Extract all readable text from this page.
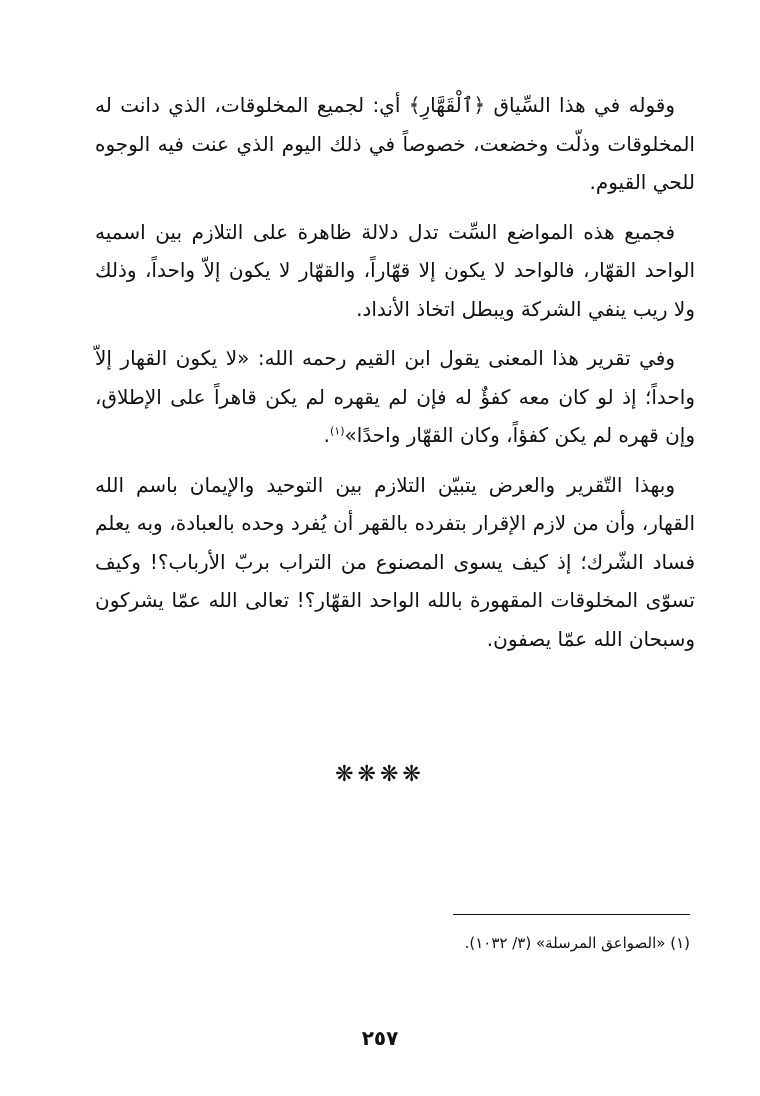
وقوله في هذا السِّياق ﴿ٱلْقَهَّارِ﴾ أي: لجميع المخلوقات، الذي دانت له المخلوقات وذلّت وخضعت، خصوصاً في ذلك اليوم الذي عنت فيه الوجوه للحي القيوم.

فجميع هذه المواضع السِّت تدل دلالة ظاهرة على التلازم بين اسميه الواحد القهّار، فالواحد لا يكون إلا قهّاراً، والقهّار لا يكون إلاّ واحداً، وذلك ولا ريب ينفي الشركة ويبطل اتخاذ الأنداد.

وفي تقرير هذا المعنى يقول ابن القيم رحمه الله: «لا يكون القهار إلاّ واحداً؛ إذ لو كان معه كفؤٌ له فإن لم يقهره لم يكن قاهراً على الإطلاق، وإن قهره لم يكن كفؤاً، وكان القهّار واحدًا»$^{(١)}$.

وبهذا التّقرير والعرض يتبيّن التلازم بين التوحيد والإيمان باسم الله القهار، وأن من لازم الإقرار بتفرده بالقهر أن يُفرد وحده بالعبادة، وبه يعلم فساد الشّرك؛ إذ كيف يسوى المصنوع من التراب بربّ الأرباب؟! وكيف تسوّى المخلوقات المقهورة بالله الواحد القهّار؟! تعالى الله عمّا يشركون وسبحان الله عمّا يصفون.

❋❋❋❋
(١) «الصواعق المرسلة» (٣/ ١٠٣٢).
٢٥٧
